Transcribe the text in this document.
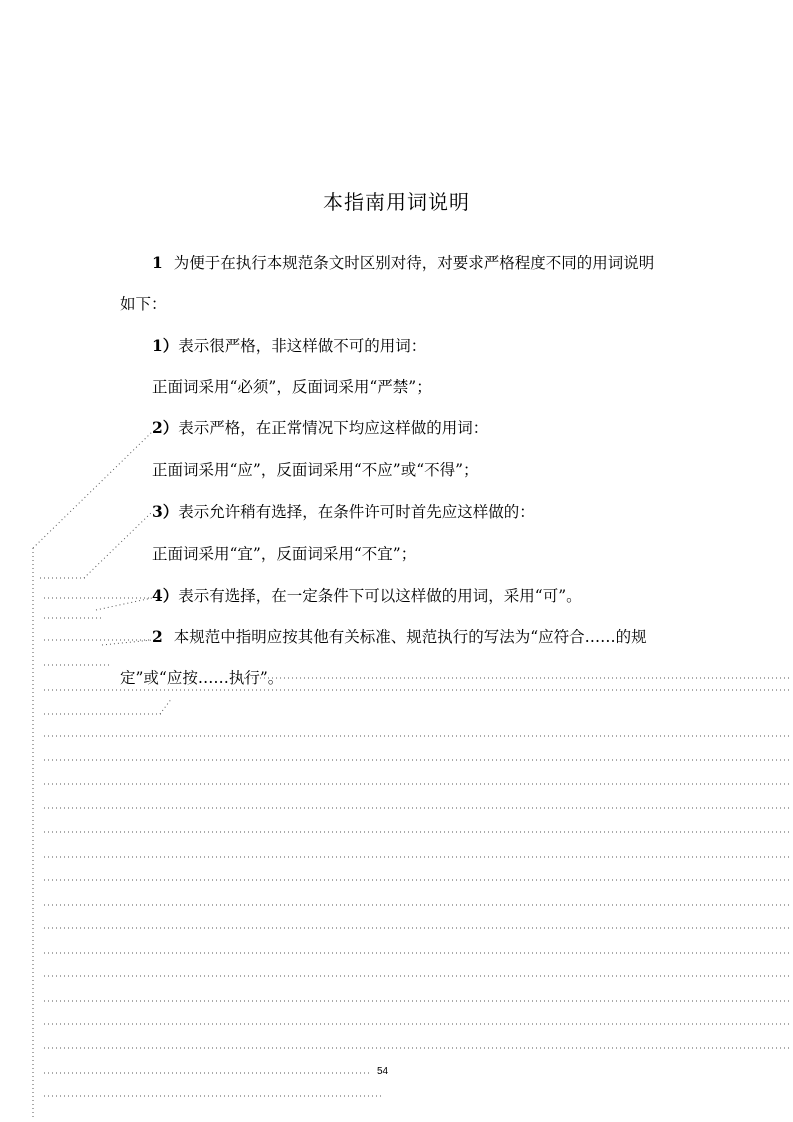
本指南用词说明
1 为便于在执行本规范条文时区别对待，对要求严格程度不同的用词说明
如下：
1）表示很严格，非这样做不可的用词：
正面词采用“必须”，反面词采用“严禁”；
2）表示严格，在正常情况下均应这样做的用词：
正面词采用“应”，反面词采用“不应”或“不得”；
3）表示允许稍有选择，在条件许可时首先应这样做的：
正面词采用“宜”，反面词采用“不宜”；
4）表示有选择，在一定条件下可以这样做的用词，采用“可”。
2 本规范中指明应按其他有关标准、规范执行的写法为“应符合……的规
定”或“应按……执行”。
54
